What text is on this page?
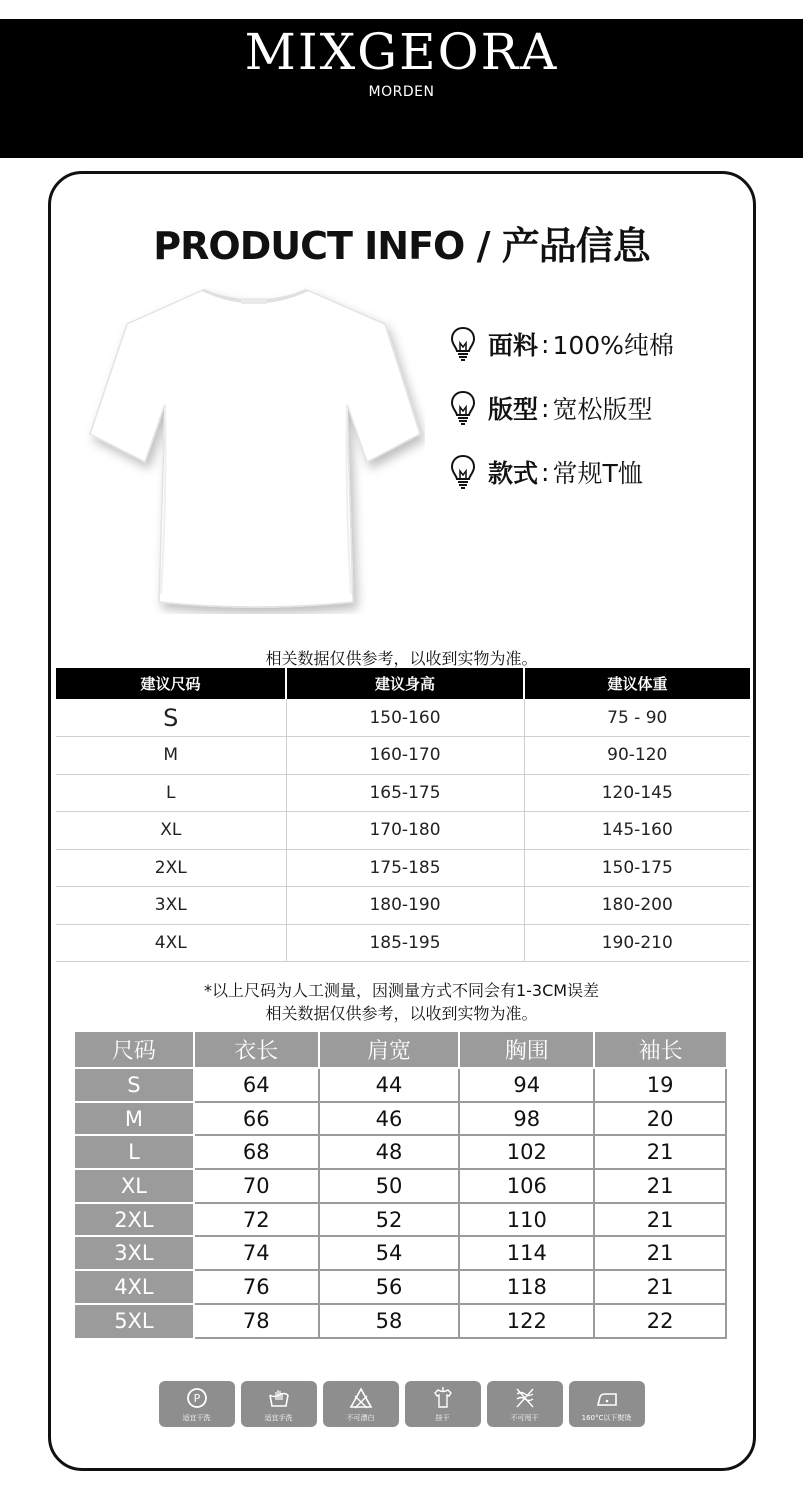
MIXGEORA
MORDEN
PRODUCT INFO / 产品信息
面料 : 100%纯棉
版型 : 宽松版型
款式 : 常规T恤
相关数据仅供参考，以收到实物为准。
建议尺码	建议身高	建议体重
S	150-160	75 - 90
M	160-170	90-120
L	165-175	120-145
XL	170-180	145-160
2XL	175-185	150-175
3XL	180-190	180-200
4XL	185-195	190-210
*以上尺码为人工测量，因测量方式不同会有1-3CM误差
相关数据仅供参考，以收到实物为准。
尺码	衣长	肩宽	胸围	袖长
S	64	44	94	19
M	66	46	98	20
L	68	48	102	21
XL	70	50	106	21
2XL	72	52	110	21
3XL	74	54	114	21
4XL	76	56	118	21
5XL	78	58	122	22
P
适宜干洗	适宜手洗	不可漂白	挂干	不可甩干	160°C以下熨烫
